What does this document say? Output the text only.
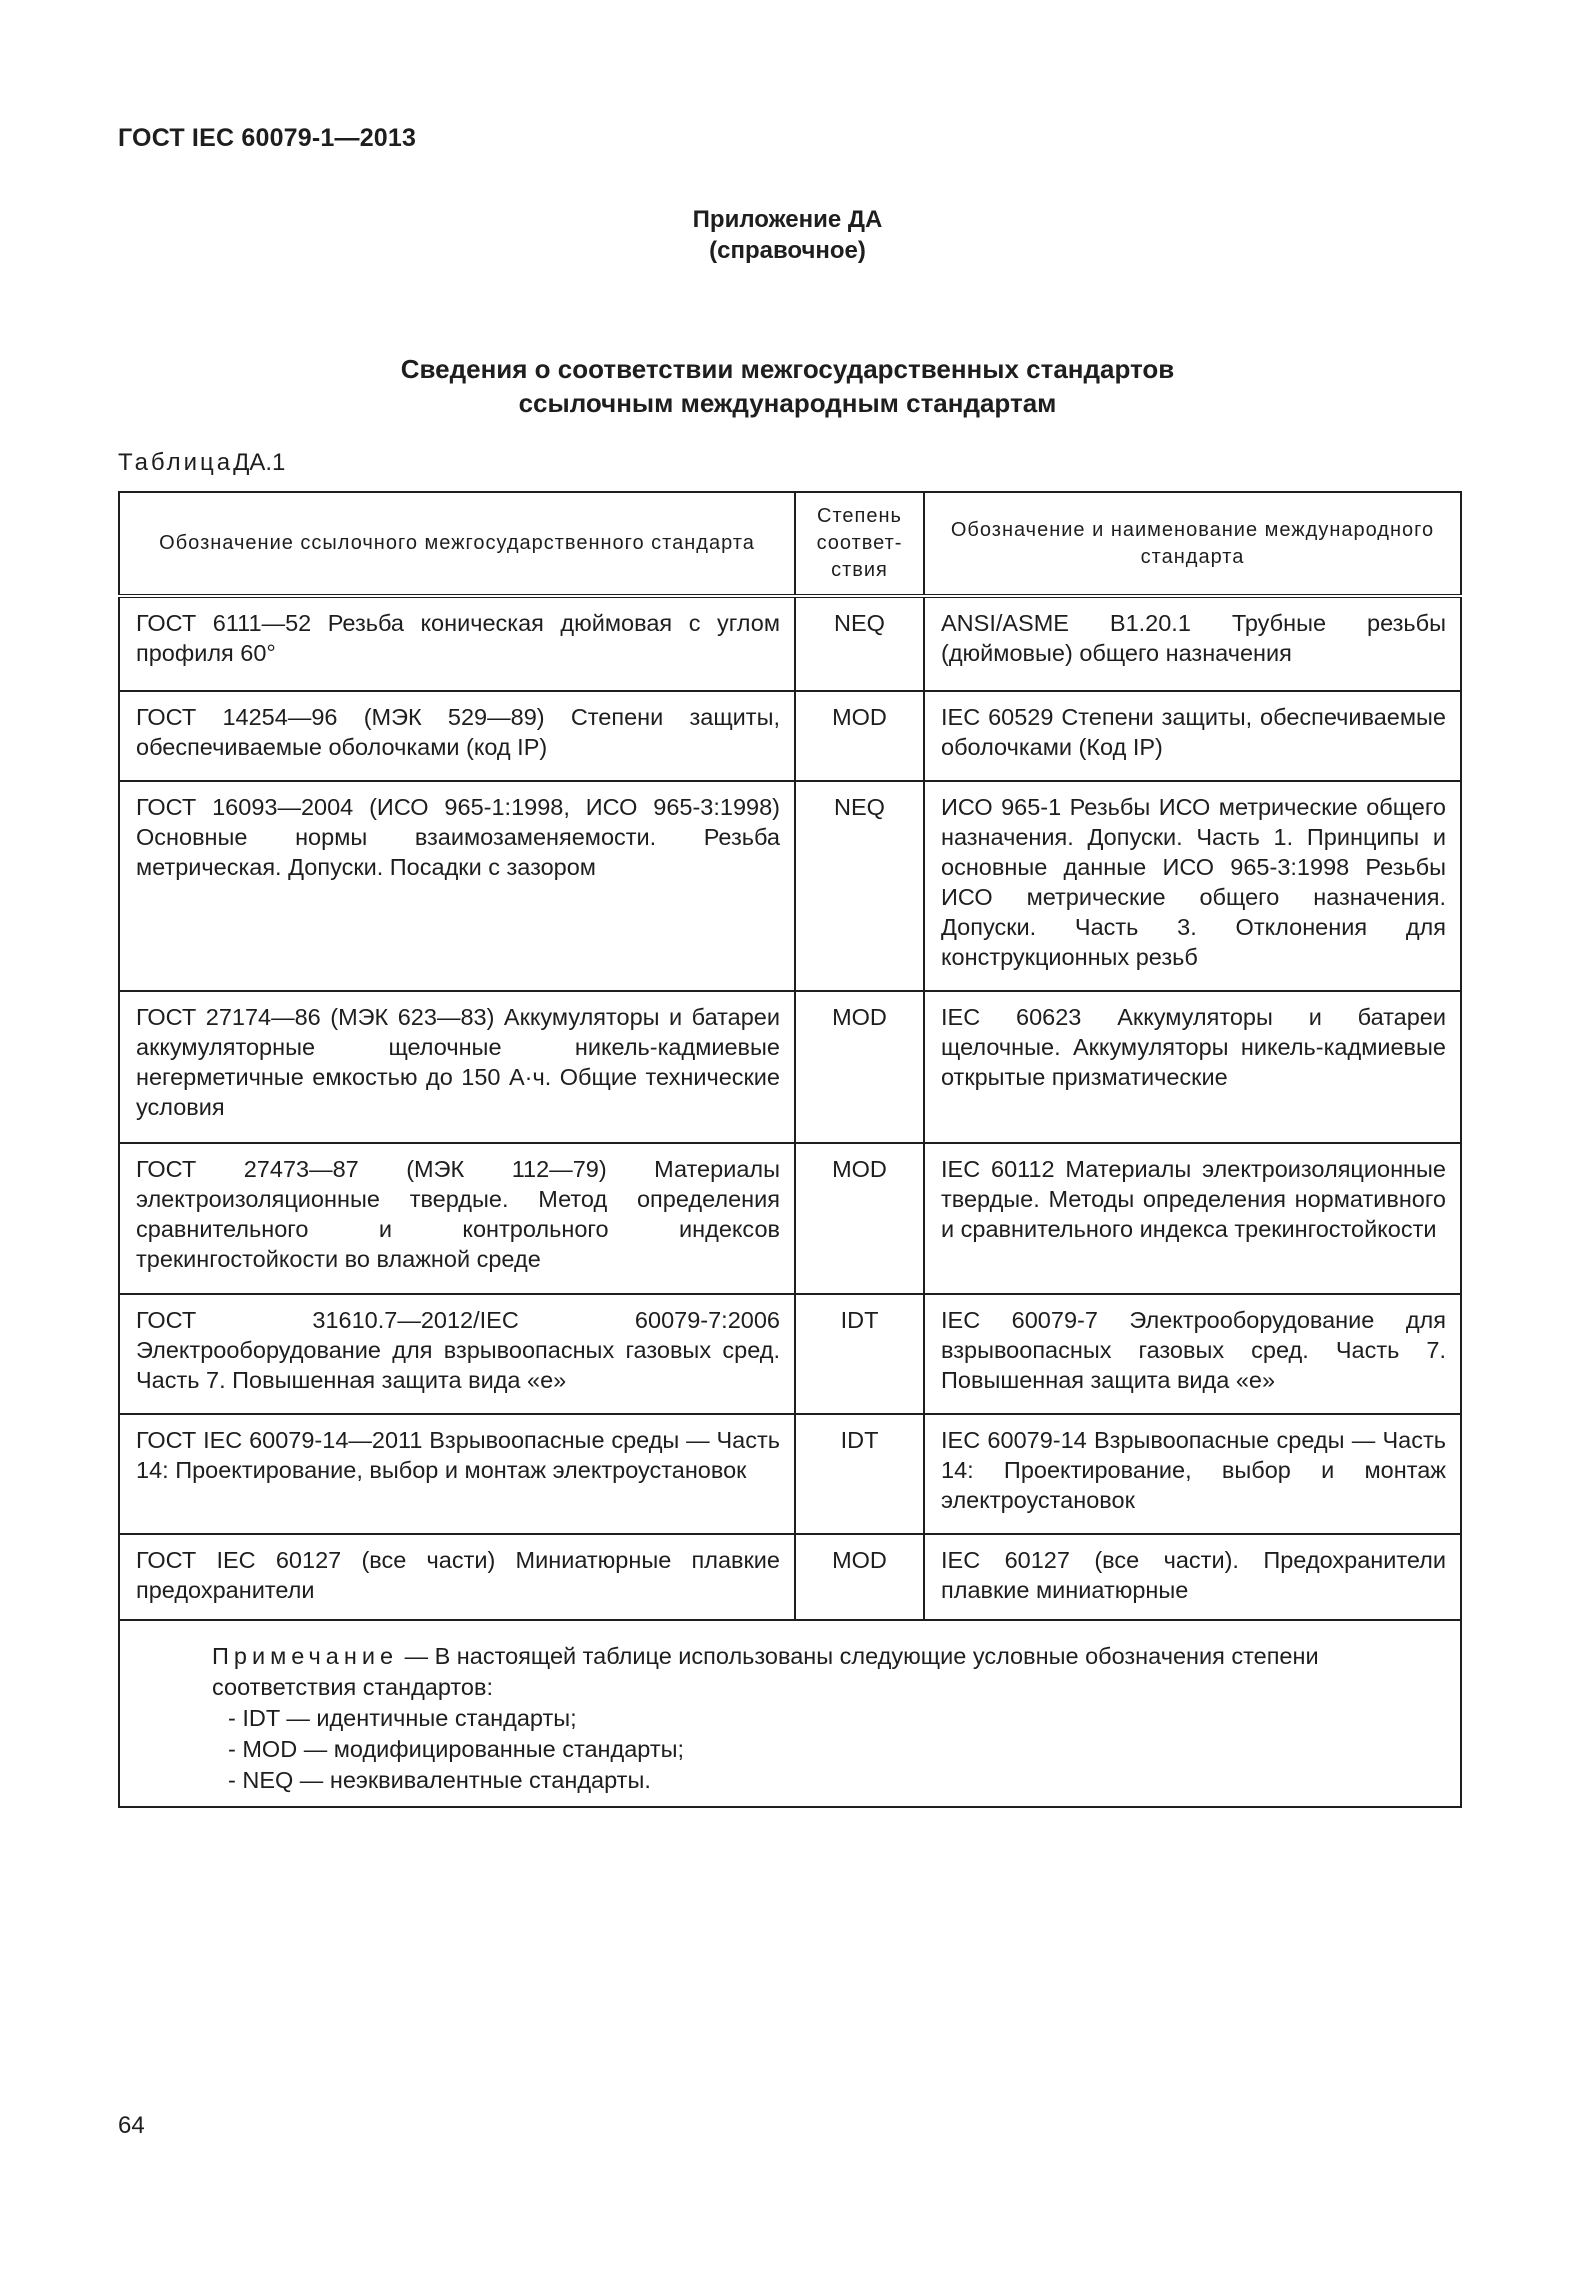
ГОСТ IEC 60079-1—2013
Приложение ДА
(справочное)
Сведения о соответствии межгосударственных стандартов
ссылочным международным стандартам
ТаблицаДА.1
Обозначение ссылочного межгосударственного стандарта	Степень соответ-ствия	Обозначение и наименование международного стандарта
ГОСТ 6111—52 Резьба коническая дюймовая с углом профиля 60°	NEQ	ANSI/ASME B1.20.1 Трубные резьбы (дюймовые) общего назначения
ГОСТ 14254—96 (МЭК 529—89) Степени защиты, обеспечиваемые оболочками (код IP)	MOD	IEC 60529 Степени защиты, обеспечиваемые оболочками (Код IP)
ГОСТ 16093—2004 (ИСО 965-1:1998, ИСО 965-3:1998) Основные нормы взаимозаменяемости. Резьба метрическая. Допуски. Посадки с зазором	NEQ	ИСО 965-1 Резьбы ИСО метрические общего назначения. Допуски. Часть 1. Принципы и основные данные ИСО 965-3:1998 Резьбы ИСО метрические общего назначения. Допуски. Часть 3. Отклонения для конструкционных резьб
ГОСТ 27174—86 (МЭК 623—83) Аккумуляторы и батареи аккумуляторные щелочные никель-кадмиевые негерметичные емкостью до 150 А·ч. Общие технические условия	MOD	IEC 60623 Аккумуляторы и батареи щелочные. Аккумуляторы никель-кадмиевые открытые призматические
ГОСТ 27473—87 (МЭК 112—79) Материалы электроизоляционные твердые. Метод определения сравнительного и контрольного индексов трекингостойкости во влажной среде	MOD	IEC 60112 Материалы электроизоляционные твердые. Методы определения нормативного и сравнительного индекса трекингостойкости
ГОСТ 31610.7—2012/IEC 60079-7:2006 Электрооборудование для взрывоопасных газовых сред. Часть 7. Повышенная защита вида «е»	IDT	IEC 60079-7 Электрооборудование для взрывоопасных газовых сред. Часть 7. Повышенная защита вида «е»
ГОСТ IEC 60079-14—2011 Взрывоопасные среды — Часть 14: Проектирование, выбор и монтаж электроустановок	IDT	IEC 60079-14 Взрывоопасные среды — Часть 14: Проектирование, выбор и монтаж электроустановок
ГОСТ IEC 60127 (все части) Миниатюрные плавкие предохранители	MOD	IEC 60127 (все части). Предохранители плавкие миниатюрные

Примечание — В настоящей таблице использованы следующие условные обозначения степени соответствия стандартов:
- IDT — идентичные стандарты;
- MOD — модифицированные стандарты;
- NEQ — неэквивалентные стандарты.		
64
